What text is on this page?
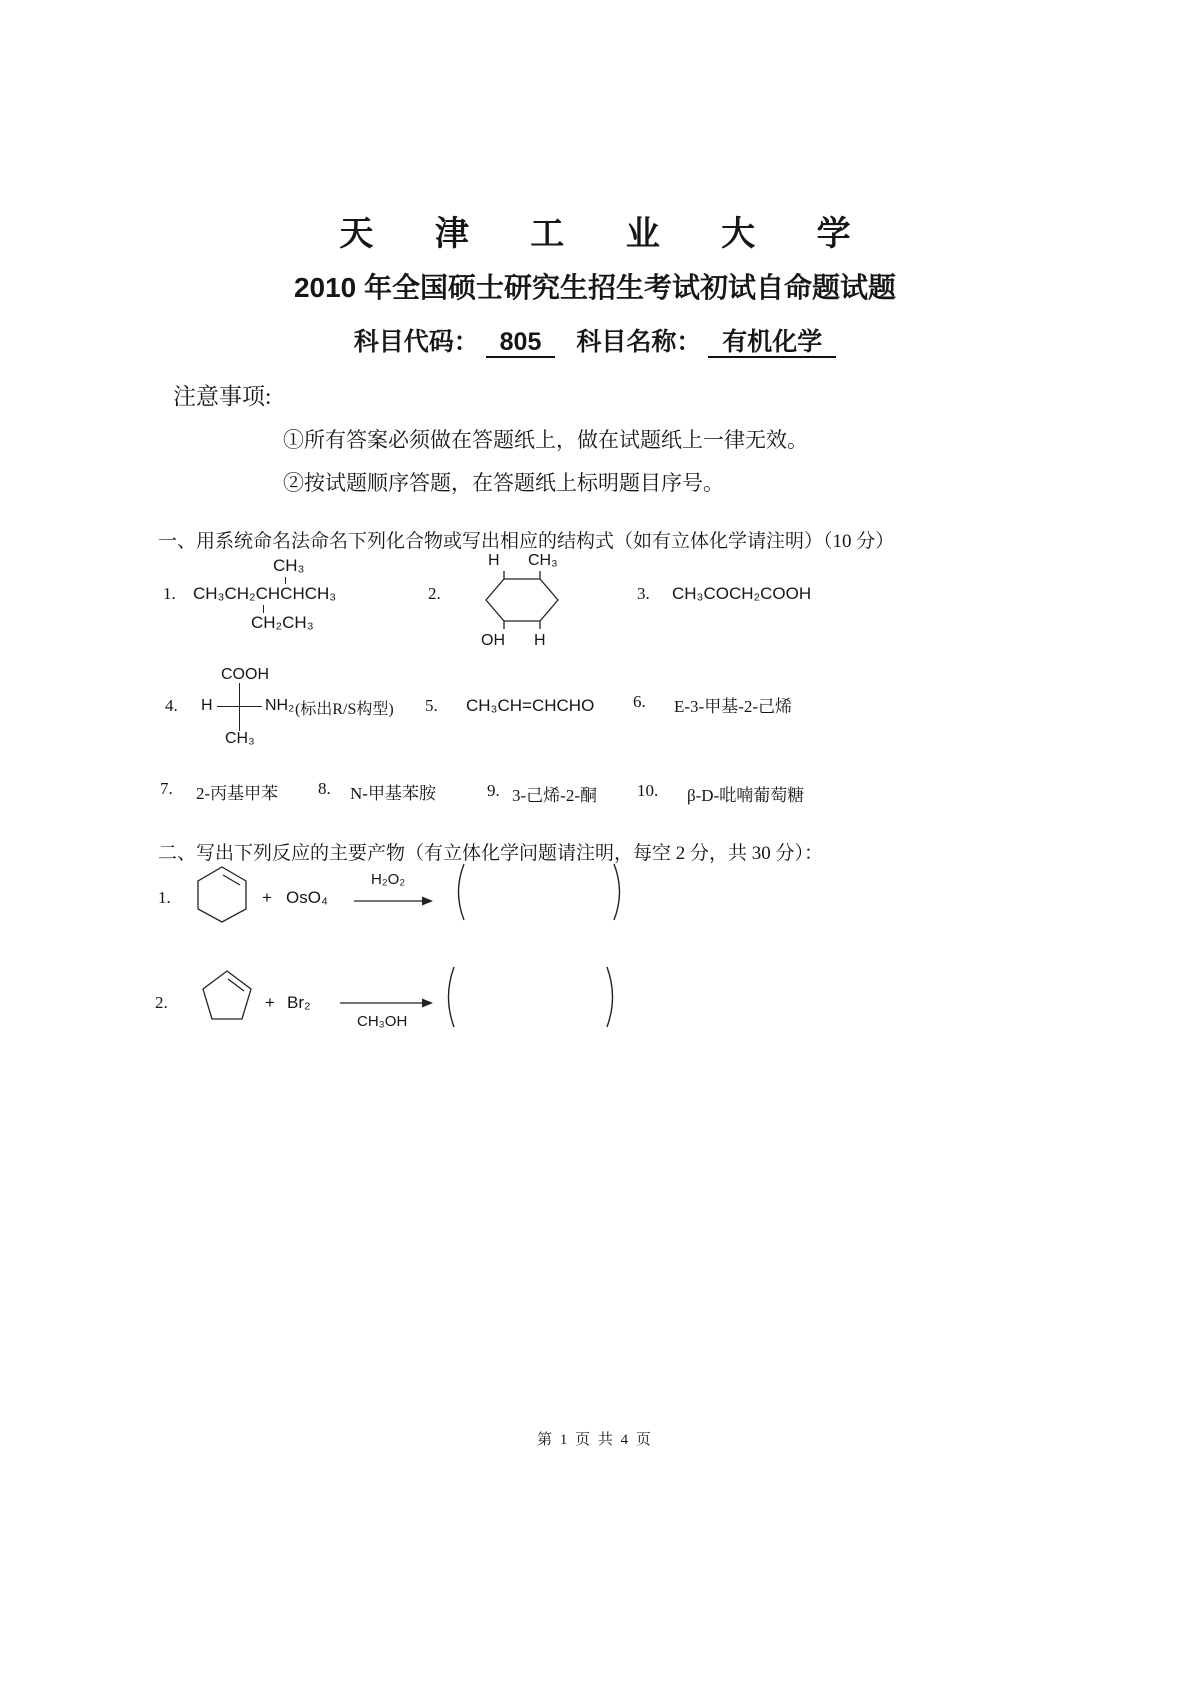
天 津 工 业 大 学
2010 年全国硕士研究生招生考试初试自命题试题
科目代码： 805 科目名称： 有机化学
注意事项:
①所有答案必须做在答题纸上，做在试题纸上一律无效。
②按试题顺序答题，在答题纸上标明题目序号。
一、用系统命名法命名下列化合物或写出相应的结构式（如有立体化学请注明）（10 分）
1.
CH₃
CH₃CH₂CHCHCH₃
CH₂CH₃
2.
H CH₃
OH H
3. CH₃COCH₂COOH
4.
COOH
H	NH₂
CH₃
(标出R/S构型) 5. CH₃CH=CHCHO 6. E-3-甲基-2-己烯
7. 2-丙基甲苯 8. N-甲基苯胺	9. 3-己烯-2-酮 10. β-D-吡喃葡萄糖
二、写出下列反应的主要产物（有立体化学问题请注明，每空 2 分，共 30 分）：
1.	+ OsO₄
H₂O₂
2.	+ Br₂
CH₃OH
第 1 页 共 4 页
